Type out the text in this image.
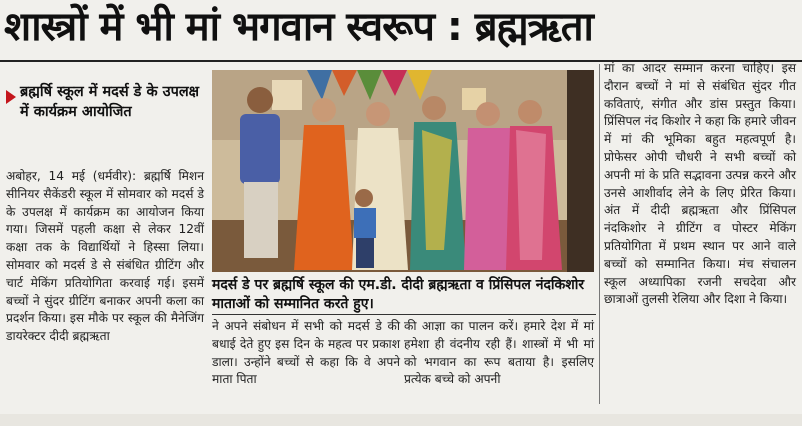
शास्त्रों में भी मां भगवान स्वरूप : ब्रह्मऋता
ब्रह्मर्षि स्कूल में मदर्स डे के उपलक्ष में कार्यक्रम आयोजित
अबोहर, 14 मई (धर्मवीर): ब्रह्मर्षि मिशन सीनियर सैकेंडरी स्कूल में सोमवार को मदर्स डे के उपलक्ष में कार्यक्रम का आयोजन किया गया। जिसमें पहली कक्षा से लेकर 12वीं कक्षा तक के विद्यार्थियों ने हिस्सा लिया। सोमवार को मदर्स डे से संबंधित ग्रीटिंग और चार्ट मेकिंग प्रतियोगिता करवाई गई। इसमें बच्चों ने सुंदर ग्रीटिंग बनाकर अपनी कला का प्रदर्शन किया। इस मौके पर स्कूल की मैनेजिंग डायरेक्टर दीदी ब्रह्मऋता
मदर्स डे पर ब्रह्मर्षि स्कूल की एम.डी. दीदी ब्रह्मऋता व प्रिंसिपल नंदकिशोर माताओं को सम्मानित करते हुए।
ने अपने संबोधन में सभी को मदर्स डे की बधाई देते हुए इस दिन के महत्व पर प्रकाश डाला। उन्होंने बच्चों से कहा कि वे अपने माता पिता
की आज्ञा का पालन करें। हमारे देश में मां हमेशा ही वंदनीय रही हैं। शास्त्रों में भी मां को भगवान का रूप बताया है। इसलिए प्रत्येक बच्चे को अपनी
मां का आदर सम्मान करना चाहिए। इस दौरान बच्चों ने मां से संबंधित सुंदर गीत कविताएं, संगीत और डांस प्रस्तुत किया। प्रिंसिपल नंद किशोर ने कहा कि हमारे जीवन में मां की भूमिका बहुत महत्वपूर्ण है। प्रोफेसर ओपी चौधरी ने सभी बच्चों को अपनी मां के प्रति सद्भावना उत्पन्न करने और उनसे आशीर्वाद लेने के लिए प्रेरित किया। अंत में दीदी ब्रह्मऋता और प्रिंसिपल नंदकिशोर ने ग्रीटिंग व पोस्टर मेकिंग प्रतियोगिता में प्रथम स्थान पर आने वाले बच्चों को सम्मानित किया। मंच संचालन स्कूल अध्यापिका रजनी सचदेवा और छात्राओं तुलसी रेलिया और दिशा ने किया।
